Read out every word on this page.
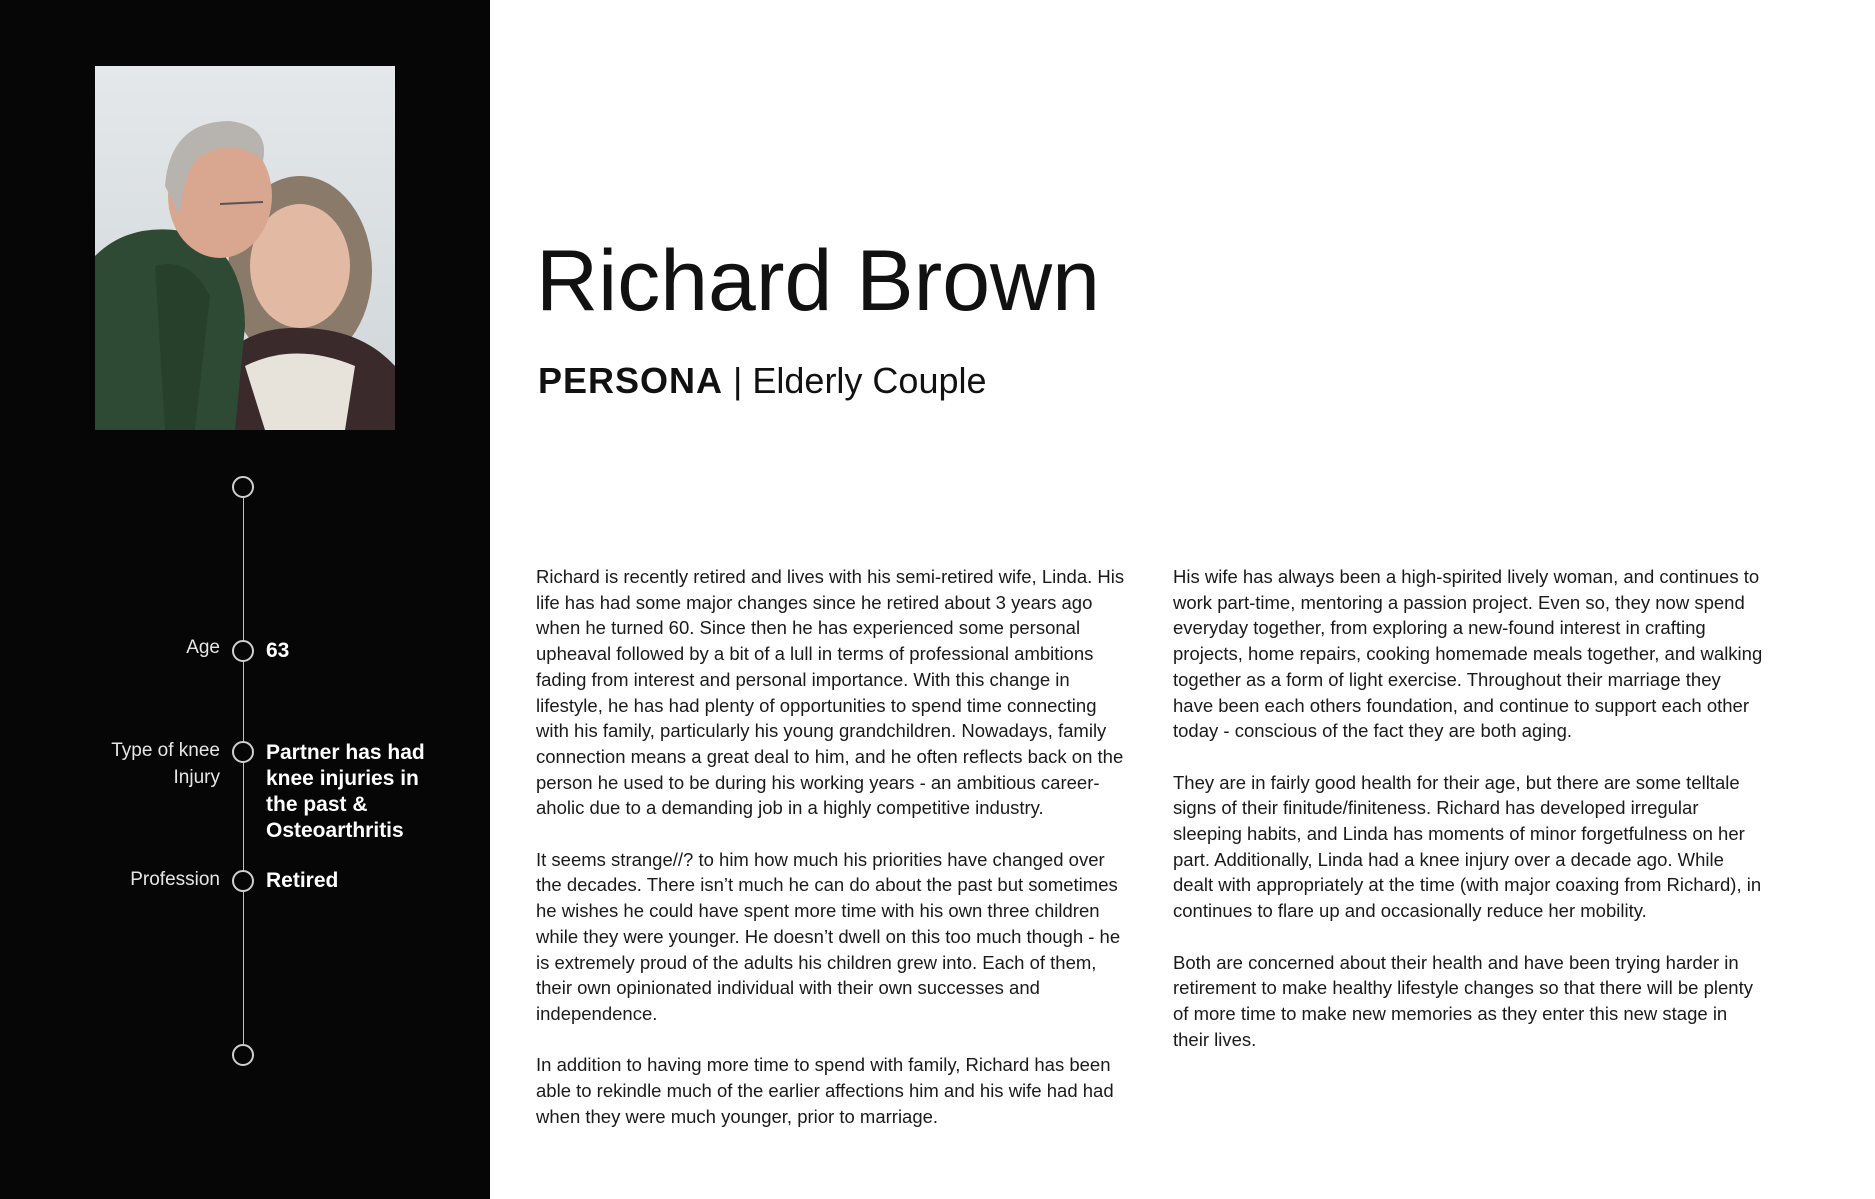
Age 63
Type of knee Injury
Partner has had knee injuries in the past & Osteoarthritis
Profession Retired
Richard Brown
PERSONA | Elderly Couple

Richard is recently retired and lives with his semi-retired wife, Linda. His life has had some major changes since he retired about 3 years ago when he turned 60. Since then he has experienced some personal upheaval followed by a bit of a lull in terms of professional ambitions fading from interest and personal importance. With this change in lifestyle, he has had plenty of opportunities to spend time connecting with his family, particularly his young grandchildren. Nowadays, family connection means a great deal to him, and he often reflects back on the person he used to be during his working years - an ambitious career-aholic due to a demanding job in a highly competitive industry.

It seems strange//? to him how much his priorities have changed over the decades. There isn’t much he can do about the past but sometimes he wishes he could have spent more time with his own three children while they were younger. He doesn’t dwell on this too much though - he is extremely proud of the adults his children grew into. Each of them, their own opinionated individual with their own successes and independence.

In addition to having more time to spend with family, Richard has been able to rekindle much of the earlier affections him and his wife had had when they were much younger, prior to marriage.

His wife has always been a high-spirited lively woman, and continues to work part-time, mentoring a passion project. Even so, they now spend everyday together, from exploring a new-found interest in crafting projects, home repairs, cooking homemade meals together, and walking together as a form of light exercise. Throughout their marriage they have been each others foundation, and continue to support each other today - conscious of the fact they are both aging.

They are in fairly good health for their age, but there are some telltale signs of their finitude/finiteness. Richard has developed irregular sleeping habits, and Linda has moments of minor forgetfulness on her part. Additionally, Linda had a knee injury over a decade ago. While dealt with appropriately at the time (with major coaxing from Richard), in continues to flare up and occasionally reduce her mobility.

Both are concerned about their health and have been trying harder in retirement to make healthy lifestyle changes so that there will be plenty of more time to make new memories as they enter this new stage in their lives.
